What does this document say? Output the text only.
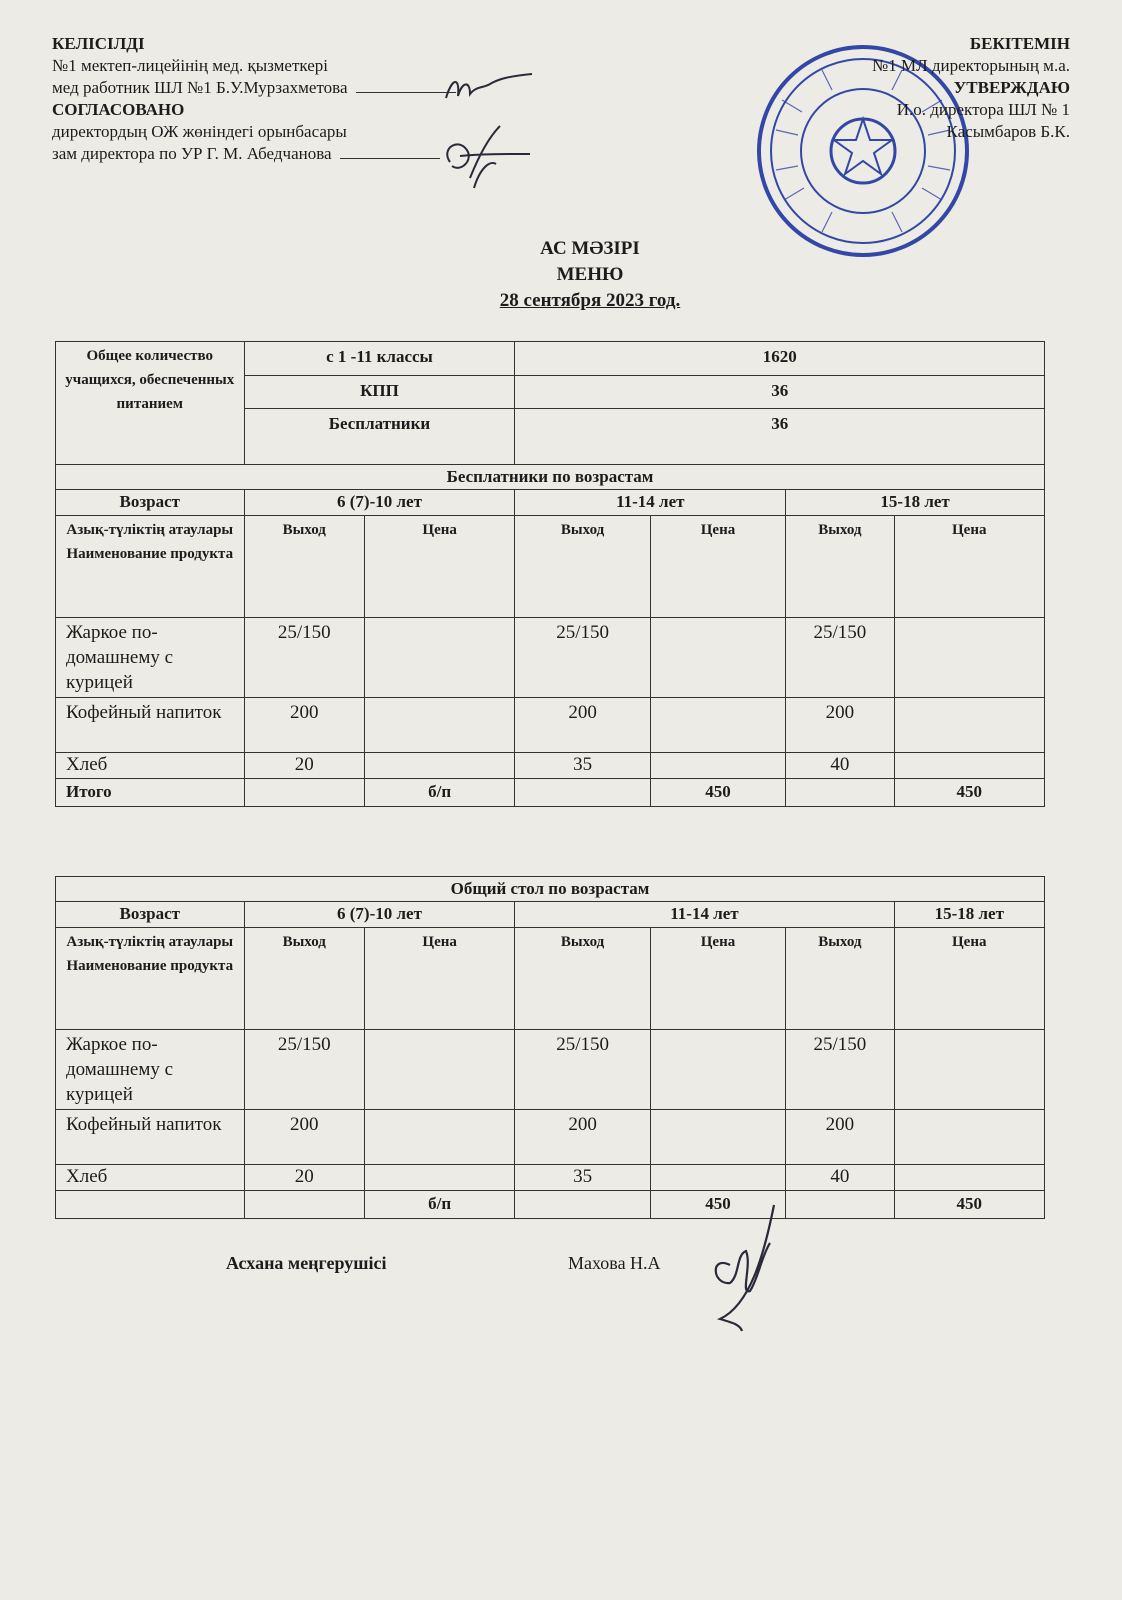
КЕЛІСІЛДІ
№1 мектеп-лицейінің мед. қызметкері
мед работник ШЛ №1 Б.У.Мурзахметова
СОГЛАСОВАНО
директордың ОЖ жөніндегі орынбасары
зам директора по УР Г. М. Абедчанова
БЕКІТЕМІН
№1 МЛ директорының м.а.
УТВЕРЖДАЮ
И.о. директора ШЛ № 1
Касымбаров Б.К.
АС МӘЗІРІ
МЕНЮ
28 сентября 2023 год.
Общее количество учащихся, обеспеченных питанием	с 1 -11 классы		1620			
	КПП		36			
	Бесплатники		36			
Бесплатники по возрастам						
Возраст	6 (7)-10 лет		11-14 лет		15-18 лет	
Азық-түліктің атаулары Наименование продукта	Выход	Цена	Выход	Цена	Выход	Цена
Жаркое по-домашнему с курицей	25/150		25/150		25/150	
Кофейный напиток	200		200		200	
Хлеб	20		35		40	
Итого		б/п		450		450
Общий стол по возрастам						
Возраст	6 (7)-10 лет		11-14 лет			15-18 лет
Азық-түліктің атаулары Наименование продукта	Выход	Цена	Выход	Цена	Выход	Цена
Жаркое по-домашнему с курицей	25/150		25/150		25/150	
Кофейный напиток	200		200		200	
Хлеб	20		35		40	
		б/п		450		450
Асхана меңгерушісі	Махова Н.А
